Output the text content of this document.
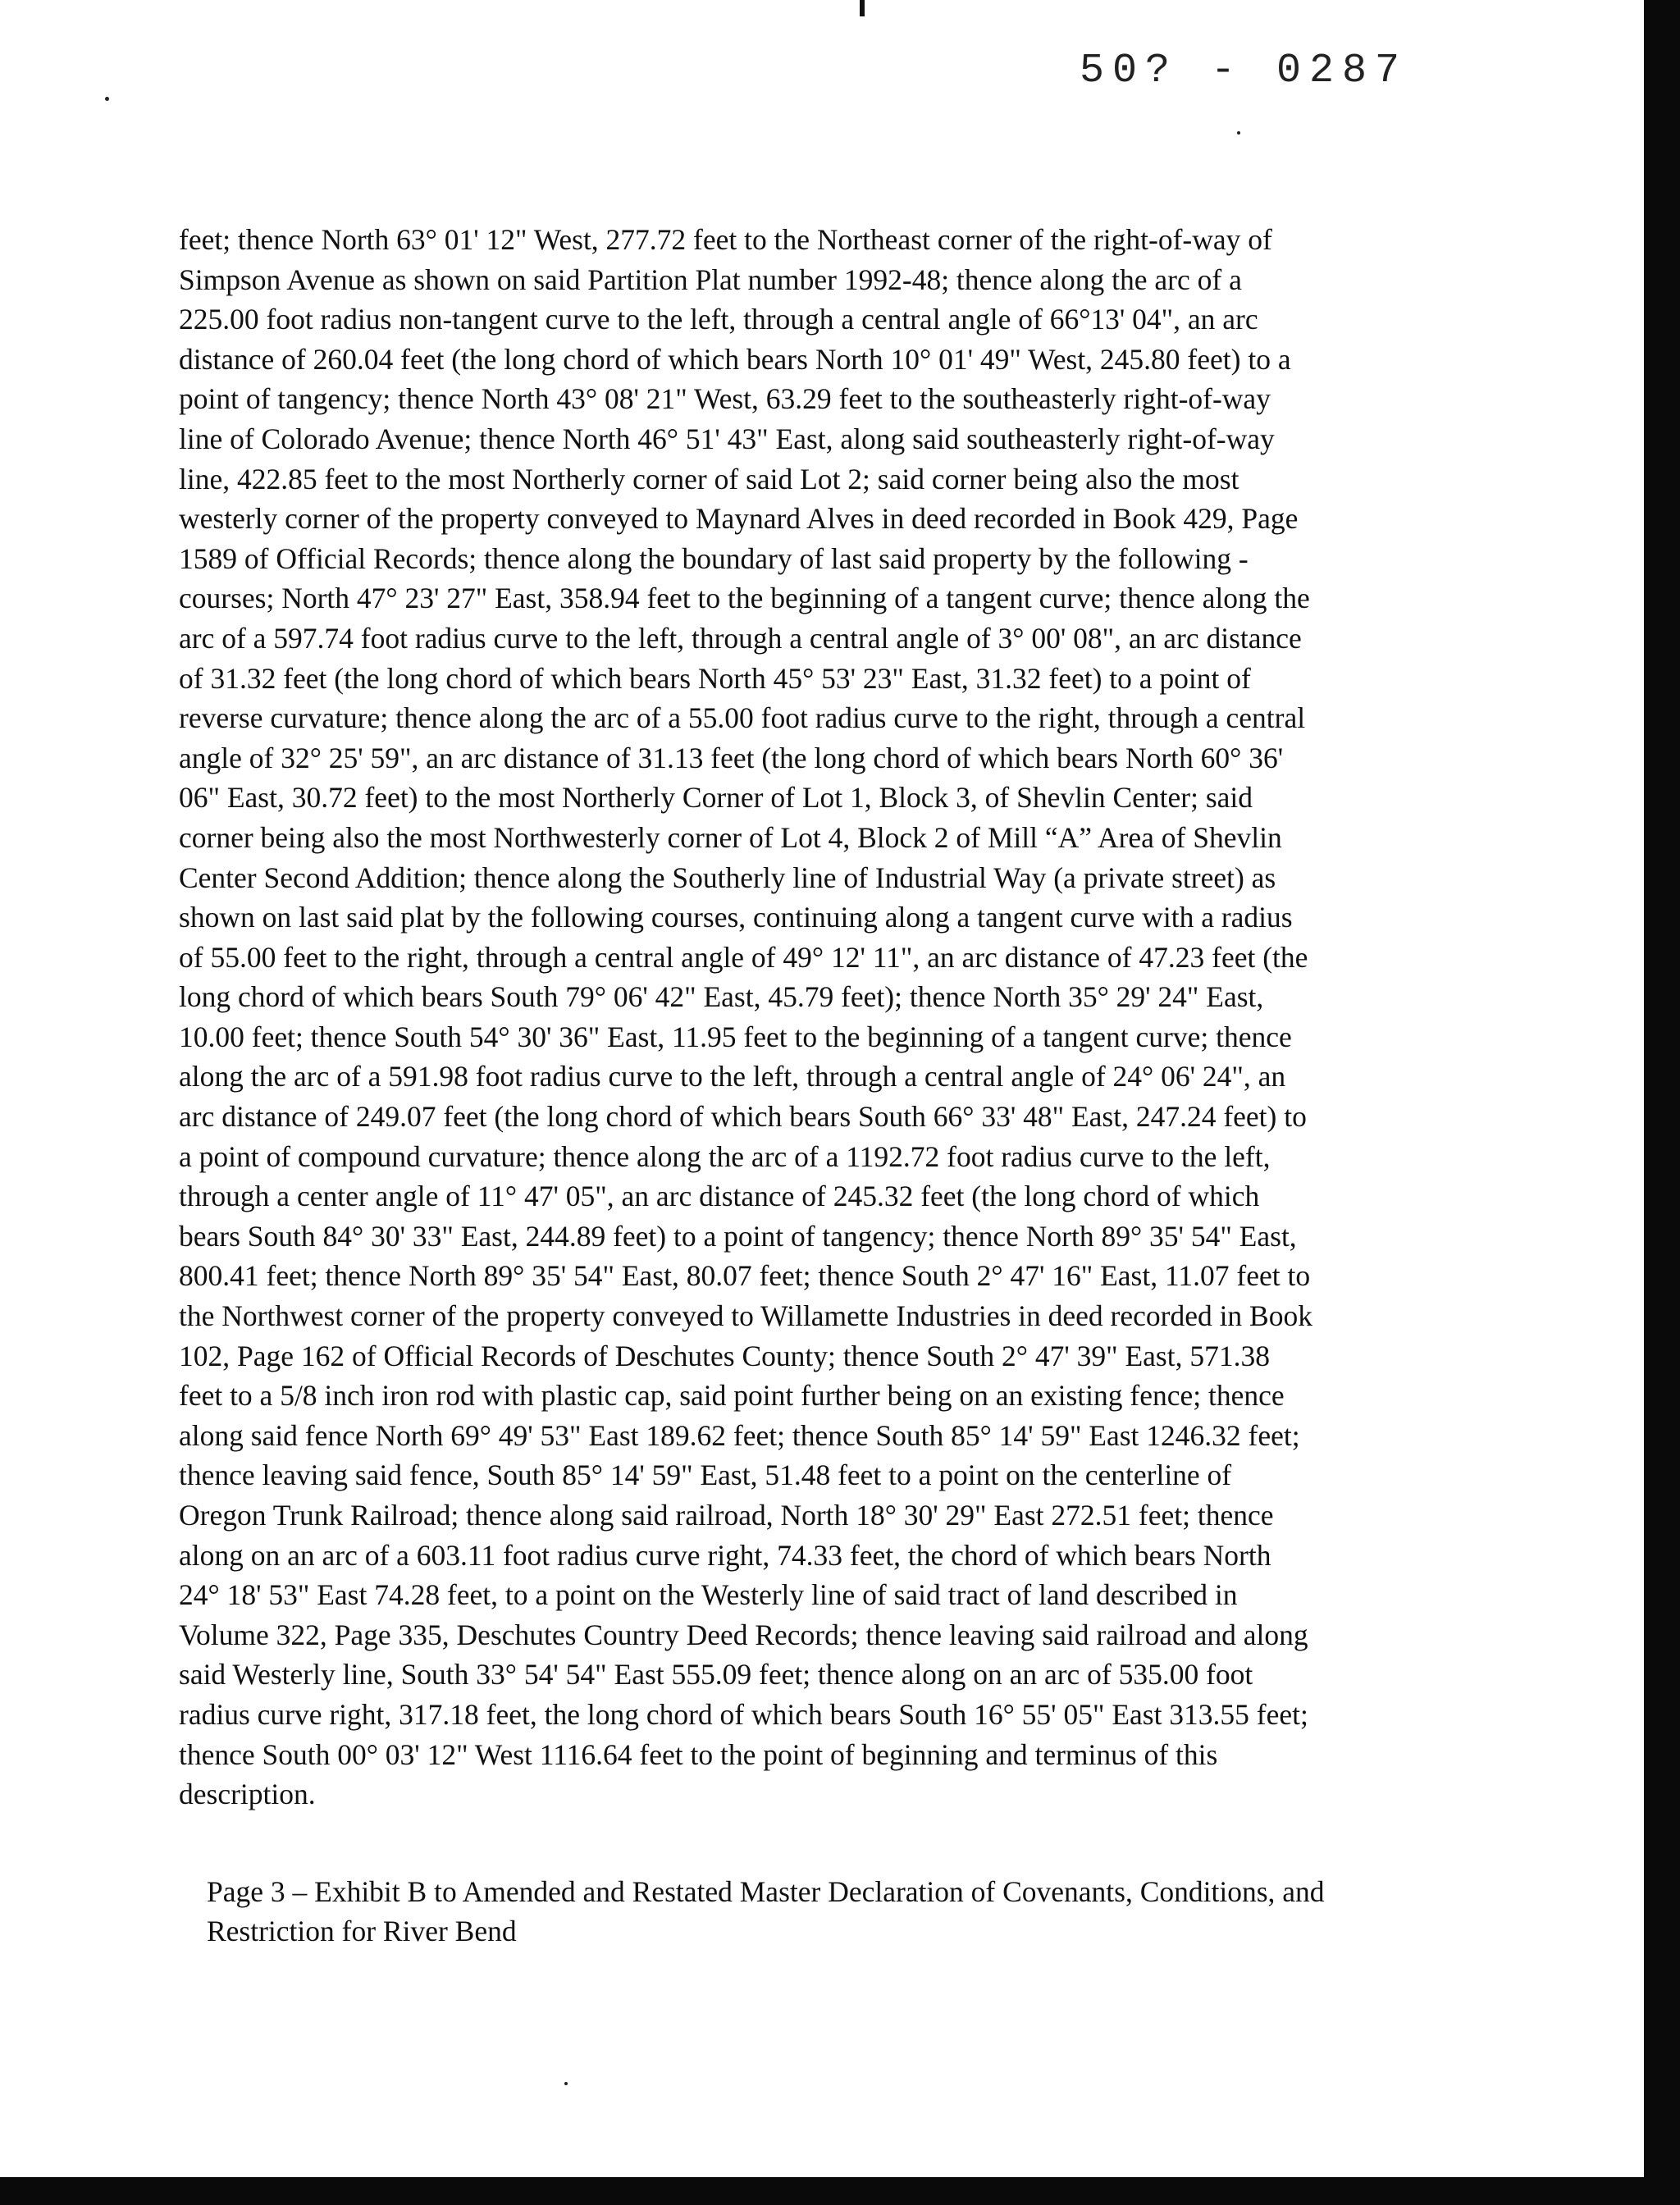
50? - 0287
feet; thence North 63° 01' 12" West, 277.72 feet to the Northeast corner of the right-of-way of
Simpson Avenue as shown on said Partition Plat number 1992-48; thence along the arc of a
225.00 foot radius non-tangent curve to the left, through a central angle of 66°13' 04", an arc
distance of 260.04 feet (the long chord of which bears North 10° 01' 49" West, 245.80 feet) to a
point of tangency; thence North 43° 08' 21" West, 63.29 feet to the southeasterly right-of-way
line of Colorado Avenue; thence North 46° 51' 43" East, along said southeasterly right-of-way
line, 422.85 feet to the most Northerly corner of said Lot 2; said corner being also the most
westerly corner of the property conveyed to Maynard Alves in deed recorded in Book 429, Page
1589 of Official Records; thence along the boundary of last said property by the following -
courses; North 47° 23' 27" East, 358.94 feet to the beginning of a tangent curve; thence along the
arc of a 597.74 foot radius curve to the left, through a central angle of 3° 00' 08", an arc distance
of 31.32 feet (the long chord of which bears North 45° 53' 23" East, 31.32 feet) to a point of
reverse curvature; thence along the arc of a 55.00 foot radius curve to the right, through a central
angle of 32° 25' 59", an arc distance of 31.13 feet (the long chord of which bears North 60° 36'
06" East, 30.72 feet) to the most Northerly Corner of Lot 1, Block 3, of Shevlin Center; said
corner being also the most Northwesterly corner of Lot 4, Block 2 of Mill “A” Area of Shevlin
Center Second Addition; thence along the Southerly line of Industrial Way (a private street) as
shown on last said plat by the following courses, continuing along a tangent curve with a radius
of 55.00 feet to the right, through a central angle of 49° 12' 11", an arc distance of 47.23 feet (the
long chord of which bears South 79° 06' 42" East, 45.79 feet); thence North 35° 29' 24" East,
10.00 feet; thence South 54° 30' 36" East, 11.95 feet to the beginning of a tangent curve; thence
along the arc of a 591.98 foot radius curve to the left, through a central angle of 24° 06' 24", an
arc distance of 249.07 feet (the long chord of which bears South 66° 33' 48" East, 247.24 feet) to
a point of compound curvature; thence along the arc of a 1192.72 foot radius curve to the left,
through a center angle of 11° 47' 05", an arc distance of 245.32 feet (the long chord of which
bears South 84° 30' 33" East, 244.89 feet) to a point of tangency; thence North 89° 35' 54" East,
800.41 feet; thence North 89° 35' 54" East, 80.07 feet; thence South 2° 47' 16" East, 11.07 feet to
the Northwest corner of the property conveyed to Willamette Industries in deed recorded in Book
102, Page 162 of Official Records of Deschutes County; thence South 2° 47' 39" East, 571.38
feet to a 5/8 inch iron rod with plastic cap, said point further being on an existing fence; thence
along said fence North 69° 49' 53" East 189.62 feet; thence South 85° 14' 59" East 1246.32 feet;
thence leaving said fence, South 85° 14' 59" East, 51.48 feet to a point on the centerline of
Oregon Trunk Railroad; thence along said railroad, North 18° 30' 29" East 272.51 feet; thence
along on an arc of a 603.11 foot radius curve right, 74.33 feet, the chord of which bears North
24° 18' 53" East 74.28 feet, to a point on the Westerly line of said tract of land described in
Volume 322, Page 335, Deschutes Country Deed Records; thence leaving said railroad and along
said Westerly line, South 33° 54' 54" East 555.09 feet; thence along on an arc of 535.00 foot
radius curve right, 317.18 feet, the long chord of which bears South 16° 55' 05" East 313.55 feet;
thence South 00° 03' 12" West 1116.64 feet to the point of beginning and terminus of this
description.
Page 3 – Exhibit B to Amended and Restated Master Declaration of Covenants, Conditions, and
Restriction for River Bend
